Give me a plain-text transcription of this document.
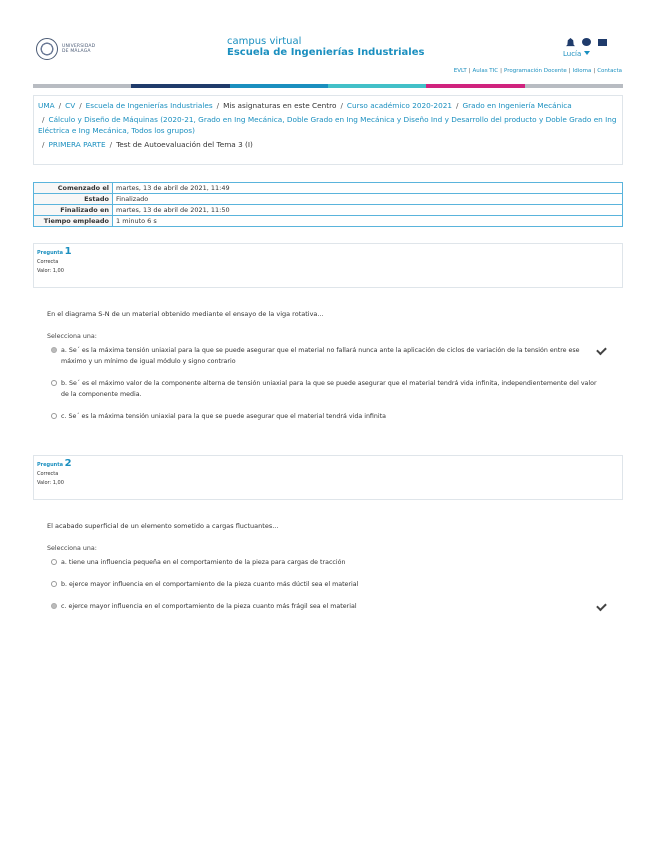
UNIVERSIDAD DE MÁLAGA
campus virtual
Escuela de Ingenierías Industriales	Lucía
EVLT | Aulas TIC | Programación Docente | Idioma | Contacta
UMA / CV / Escuela de Ingenierías Industriales / Mis asignaturas en este Centro / Curso académico 2020-2021 / Grado en Ingeniería Mecánica
/ Cálculo y Diseño de Máquinas (2020-21, Grado en Ing Mecánica, Doble Grado en Ing Mecánica y Diseño Ind y Desarrollo del producto y Doble Grado en Ing Eléctrica e Ing Mecánica, Todos los grupos)
/ PRIMERA PARTE / Test de Autoevaluación del Tema 3 (I)
Comenzado el	martes, 13 de abril de 2021, 11:49
Estado	Finalizado
Finalizado en	martes, 13 de abril de 2021, 11:50
Tiempo empleado	1 minuto 6 s
Pregunta 1
Correcta
Valor: 1,00
En el diagrama S-N de un material obtenido mediante el ensayo de la viga rotativa...
Selecciona una:
a. Se´ es la máxima tensión uniaxial para la que se puede asegurar que el material no fallará nunca ante la aplicación de ciclos de variación de la tensión entre ese máximo y un mínimo de igual módulo y signo contrario
b. Se´ es el máximo valor de la componente alterna de tensión uniaxial para la que se puede asegurar que el material tendrá vida infinita, independientemente del valor de la componente media.
c. Se´ es la máxima tensión uniaxial para la que se puede asegurar que el material tendrá vida infinita
Pregunta 2
Correcta
Valor: 1,00
El acabado superficial de un elemento sometido a cargas fluctuantes...
Selecciona una:
a. tiene una influencia pequeña en el comportamiento de la pieza para cargas de tracción
b. ejerce mayor influencia en el comportamiento de la pieza cuanto más dúctil sea el material
c. ejerce mayor influencia en el comportamiento de la pieza cuanto más frágil sea el material
